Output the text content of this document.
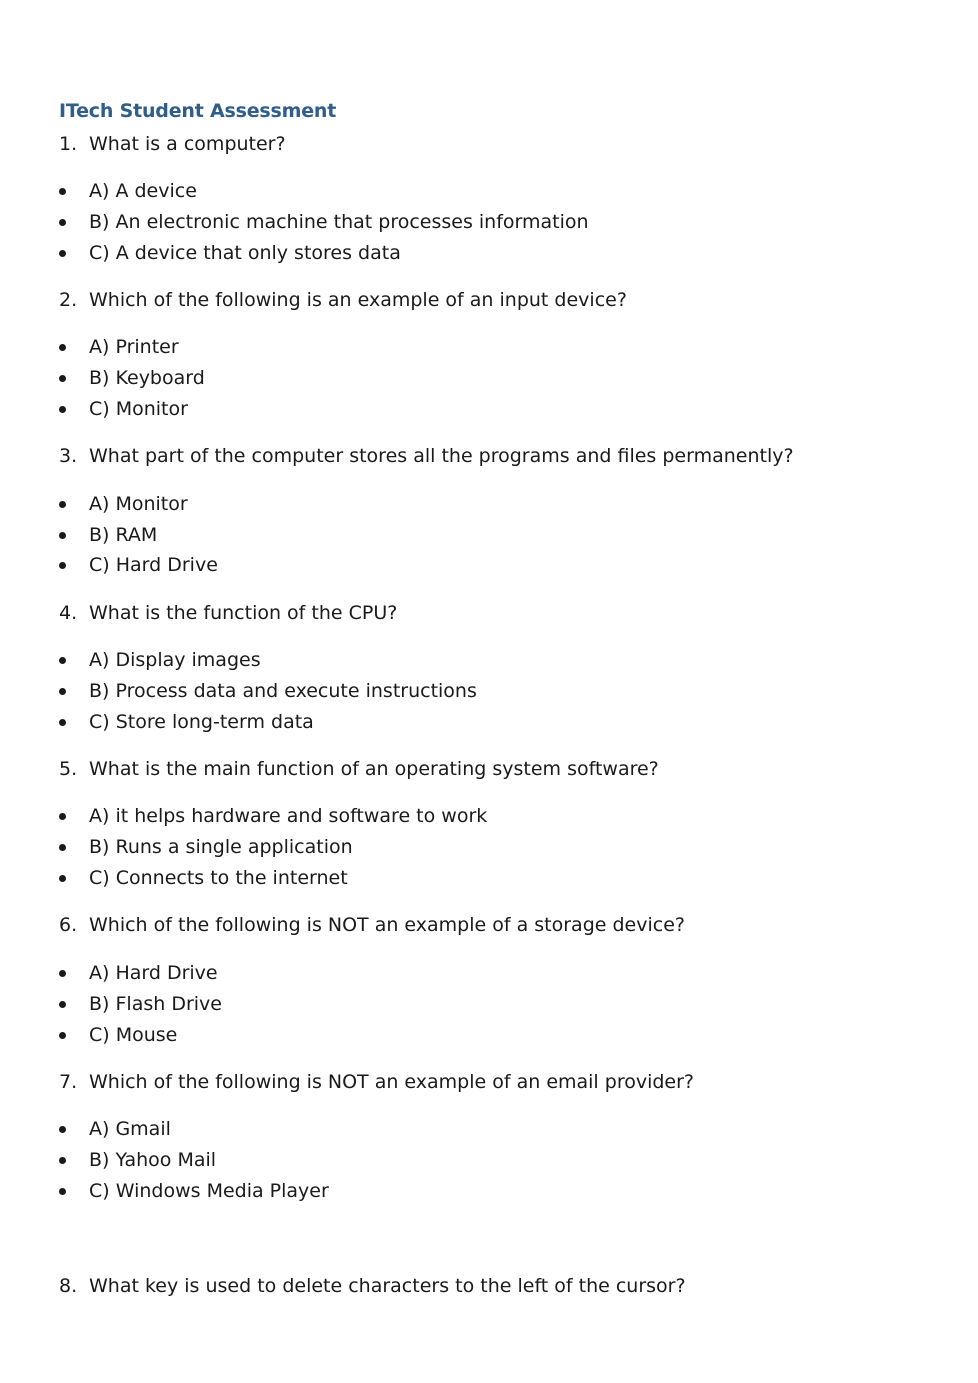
ITech Student Assessment
1. What is a computer?
A) A device
B) An electronic machine that processes information
C) A device that only stores data
2. Which of the following is an example of an input device?
A) Printer
B) Keyboard
C) Monitor
3. What part of the computer stores all the programs and files permanently?
A) Monitor
B) RAM
C) Hard Drive
4. What is the function of the CPU?
A) Display images
B) Process data and execute instructions
C) Store long-term data
5. What is the main function of an operating system software?
A) it helps hardware and software to work
B) Runs a single application
C) Connects to the internet
6. Which of the following is NOT an example of a storage device?
A) Hard Drive
B) Flash Drive
C) Mouse
7. Which of the following is NOT an example of an email provider?
A) Gmail
B) Yahoo Mail
C) Windows Media Player
8. What key is used to delete characters to the left of the cursor?
